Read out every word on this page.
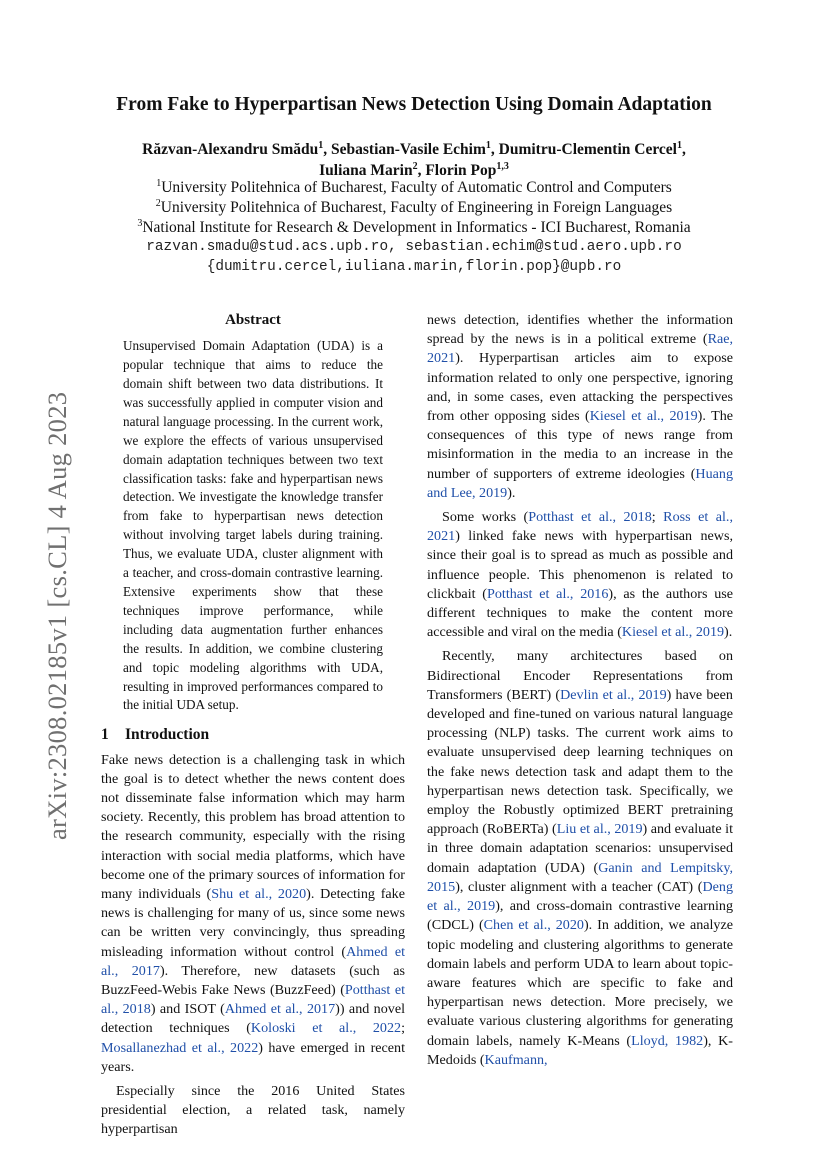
arXiv:2308.02185v1 [cs.CL] 4 Aug 2023
From Fake to Hyperpartisan News Detection Using Domain Adaptation
Răzvan-Alexandru Smădu$^1$, Sebastian-Vasile Echim$^1$, Dumitru-Clementin Cercel$^1$,
Iuliana Marin$^2$, Florin Pop$^{1,3}$
$^1$University Politehnica of Bucharest, Faculty of Automatic Control and Computers
$^2$University Politehnica of Bucharest, Faculty of Engineering in Foreign Languages
$^3$National Institute for Research & Development in Informatics - ICI Bucharest, Romania
razvan.smadu@stud.acs.upb.ro, sebastian.echim@stud.aero.upb.ro
{dumitru.cercel,iuliana.marin,florin.pop}@upb.ro
Abstract

Unsupervised Domain Adaptation (UDA) is a popular technique that aims to reduce the domain shift between two data distributions. It was successfully applied in computer vision and natural language processing. In the current work, we explore the effects of various unsupervised domain adaptation techniques between two text classification tasks: fake and hyperpartisan news detection. We investigate the knowledge transfer from fake to hyperpartisan news detection without involving target labels during training. Thus, we evaluate UDA, cluster alignment with a teacher, and cross-domain contrastive learning. Extensive experiments show that these techniques improve performance, while including data augmentation further enhances the results. In addition, we combine clustering and topic modeling algorithms with UDA, resulting in improved performances compared to the initial UDA setup.

1 Introduction

Fake news detection is a challenging task in which the goal is to detect whether the news content does not disseminate false information which may harm society. Recently, this problem has broad attention to the research community, especially with the rising interaction with social media platforms, which have become one of the primary sources of information for many individuals (Shu et al., 2020). Detecting fake news is challenging for many of us, since some news can be written very convincingly, thus spreading misleading information without control (Ahmed et al., 2017). Therefore, new datasets (such as BuzzFeed-Webis Fake News (BuzzFeed) (Potthast et al., 2018) and ISOT (Ahmed et al., 2017)) and novel detection techniques (Koloski et al., 2022; Mosallanezhad et al., 2022) have emerged in recent years.

Especially since the 2016 United States presidential election, a related task, namely hyperpartisan

news detection, identifies whether the information spread by the news is in a political extreme (Rae, 2021). Hyperpartisan articles aim to expose information related to only one perspective, ignoring and, in some cases, even attacking the perspectives from other opposing sides (Kiesel et al., 2019). The consequences of this type of news range from misinformation in the media to an increase in the number of supporters of extreme ideologies (Huang and Lee, 2019).

Some works (Potthast et al., 2018; Ross et al., 2021) linked fake news with hyperpartisan news, since their goal is to spread as much as possible and influence people. This phenomenon is related to clickbait (Potthast et al., 2016), as the authors use different techniques to make the content more accessible and viral on the media (Kiesel et al., 2019).

Recently, many architectures based on Bidirectional Encoder Representations from Transformers (BERT) (Devlin et al., 2019) have been developed and fine-tuned on various natural language processing (NLP) tasks. The current work aims to evaluate unsupervised deep learning techniques on the fake news detection task and adapt them to the hyperpartisan news detection task. Specifically, we employ the Robustly optimized BERT pretraining approach (RoBERTa) (Liu et al., 2019) and evaluate it in three domain adaptation scenarios: unsupervised domain adaptation (UDA) (Ganin and Lempitsky, 2015), cluster alignment with a teacher (CAT) (Deng et al., 2019), and cross-domain contrastive learning (CDCL) (Chen et al., 2020). In addition, we analyze topic modeling and clustering algorithms to generate domain labels and perform UDA to learn about topic-aware features which are specific to fake and hyperpartisan news detection. More precisely, we evaluate various clustering algorithms for generating domain labels, namely K-Means (Lloyd, 1982), K-Medoids (Kaufmann,
